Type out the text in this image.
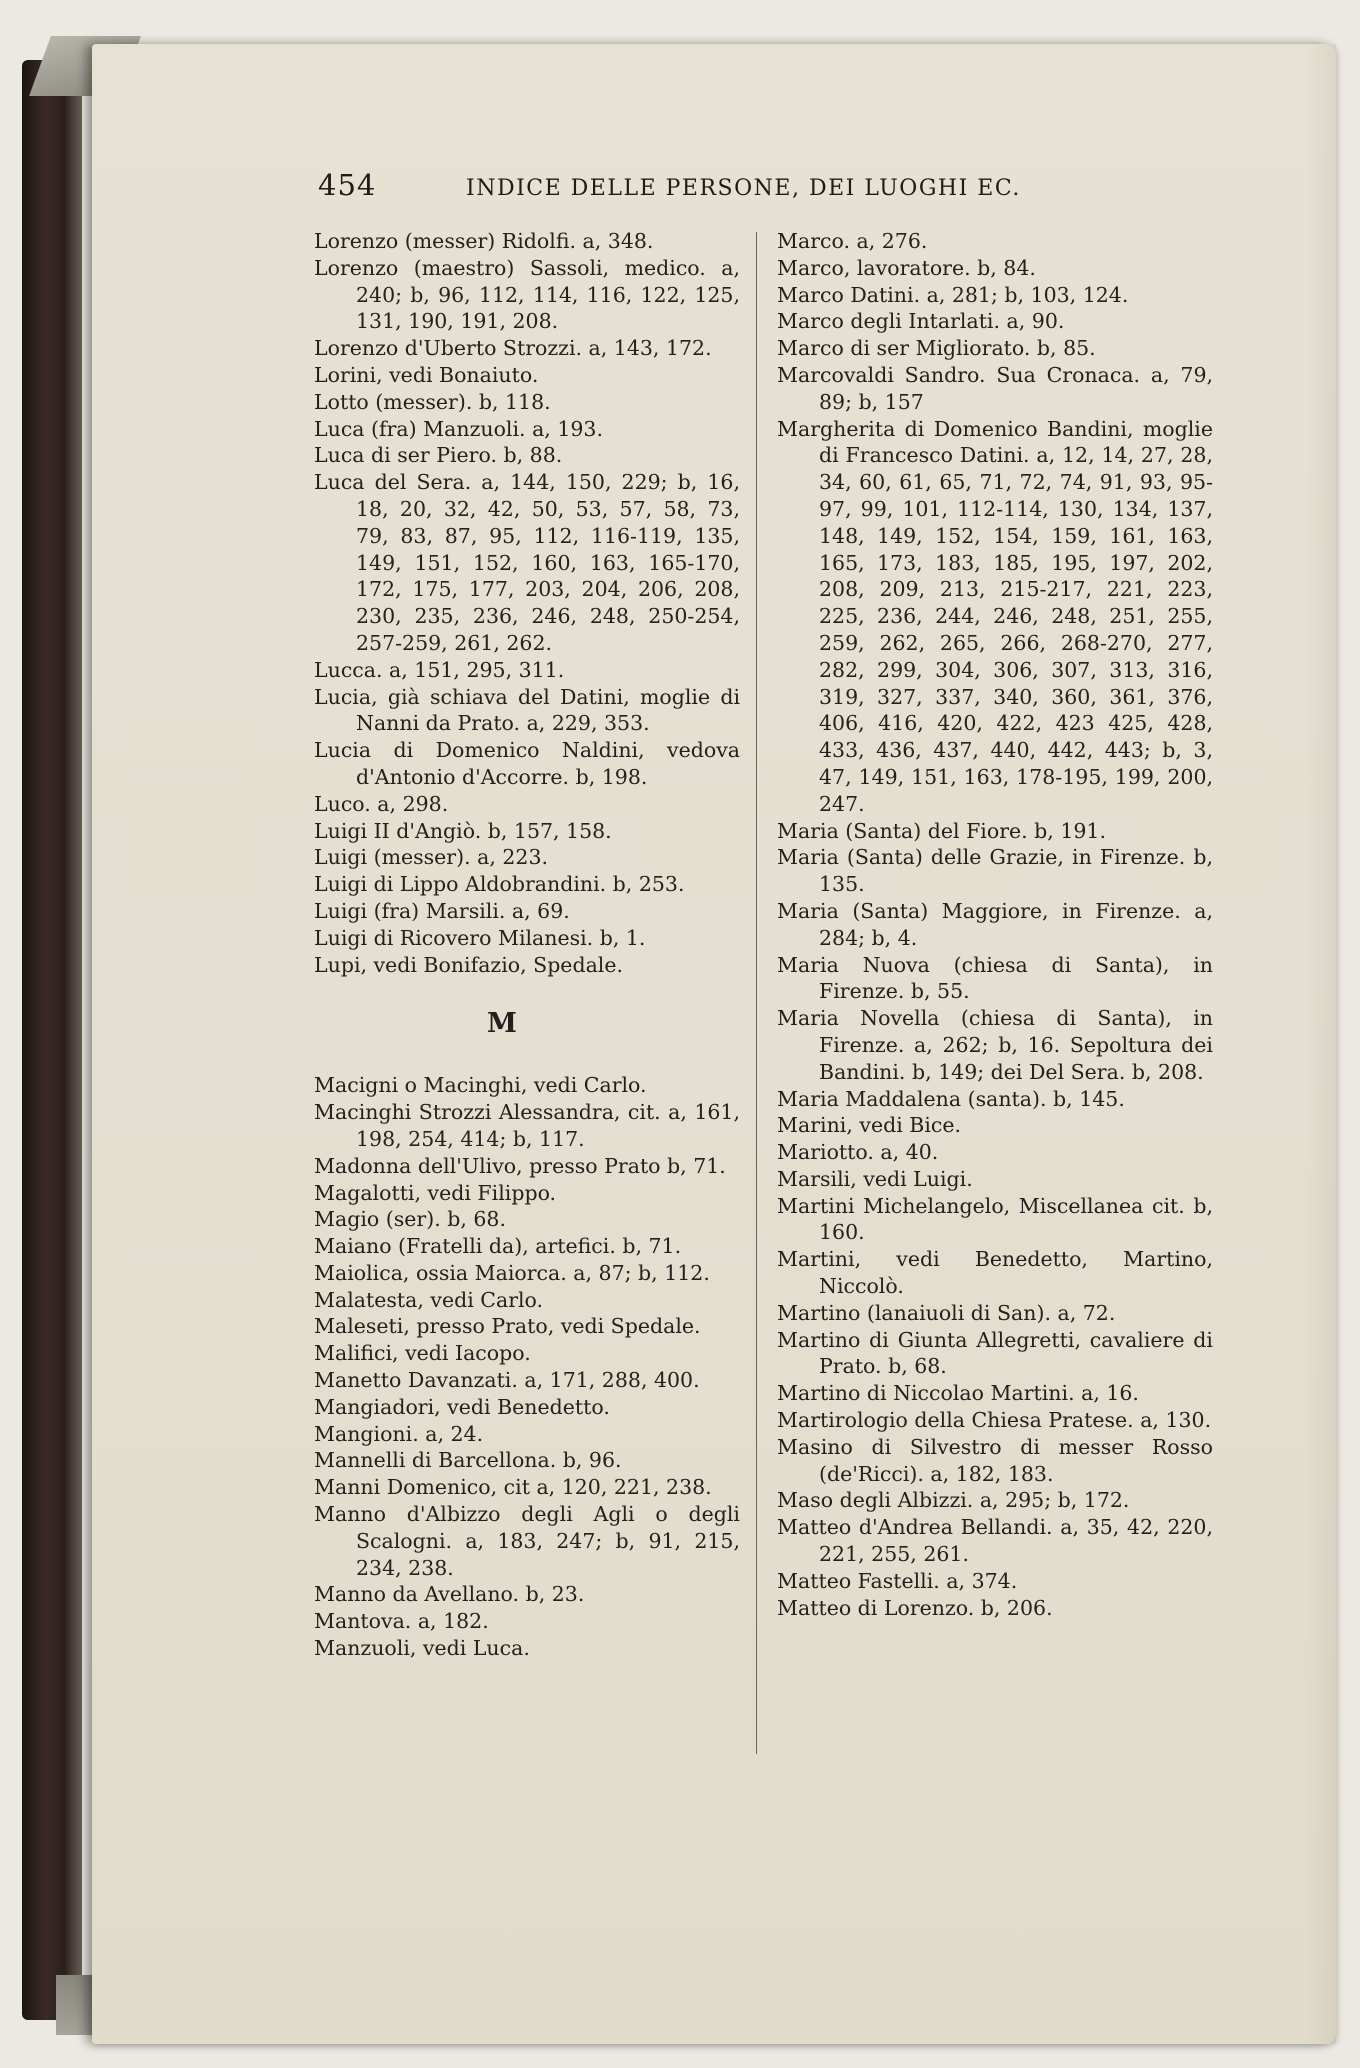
454	INDICE DELLE PERSONE, DEI LUOGHI EC.
Lorenzo (messer) Ridolfi. a, 348.
Lorenzo (maestro) Sassoli, medico. a, 240; b, 96, 112, 114, 116, 122, 125, 131, 190, 191, 208.
Lorenzo d'Uberto Strozzi. a, 143, 172.
Lorini, vedi Bonaiuto.
Lotto (messer). b, 118.
Luca (fra) Manzuoli. a, 193.
Luca di ser Piero. b, 88.
Luca del Sera. a, 144, 150, 229; b, 16, 18, 20, 32, 42, 50, 53, 57, 58, 73, 79, 83, 87, 95, 112, 116-119, 135, 149, 151, 152, 160, 163, 165-170, 172, 175, 177, 203, 204, 206, 208, 230, 235, 236, 246, 248, 250-254, 257-259, 261, 262.
Lucca. a, 151, 295, 311.
Lucia, già schiava del Datini, moglie di Nanni da Prato. a, 229, 353.
Lucia di Domenico Naldini, vedova d'Antonio d'Accorre. b, 198.
Luco. a, 298.
Luigi II d'Angiò. b, 157, 158.
Luigi (messer). a, 223.
Luigi di Lippo Aldobrandini. b, 253.
Luigi (fra) Marsili. a, 69.
Luigi di Ricovero Milanesi. b, 1.
Lupi, vedi Bonifazio, Spedale.
M
Macigni o Macinghi, vedi Carlo.
Macinghi Strozzi Alessandra, cit. a, 161, 198, 254, 414; b, 117.
Madonna dell'Ulivo, presso Prato b, 71.
Magalotti, vedi Filippo.
Magio (ser). b, 68.
Maiano (Fratelli da), artefici. b, 71.
Maiolica, ossia Maiorca. a, 87; b, 112.
Malatesta, vedi Carlo.
Maleseti, presso Prato, vedi Spedale.
Malifici, vedi Iacopo.
Manetto Davanzati. a, 171, 288, 400.
Mangiadori, vedi Benedetto.
Mangioni. a, 24.
Mannelli di Barcellona. b, 96.
Manni Domenico, cit a, 120, 221, 238.
Manno d'Albizzo degli Agli o degli Scalogni. a, 183, 247; b, 91, 215, 234, 238.
Manno da Avellano. b, 23.
Mantova. a, 182.
Manzuoli, vedi Luca.
Marco. a, 276.
Marco, lavoratore. b, 84.
Marco Datini. a, 281; b, 103, 124.
Marco degli Intarlati. a, 90.
Marco di ser Migliorato. b, 85.
Marcovaldi Sandro. Sua Cronaca. a, 79, 89; b, 157
Margherita di Domenico Bandini, moglie di Francesco Datini. a, 12, 14, 27, 28, 34, 60, 61, 65, 71, 72, 74, 91, 93, 95-97, 99, 101, 112-114, 130, 134, 137, 148, 149, 152, 154, 159, 161, 163, 165, 173, 183, 185, 195, 197, 202, 208, 209, 213, 215-217, 221, 223, 225, 236, 244, 246, 248, 251, 255, 259, 262, 265, 266, 268-270, 277, 282, 299, 304, 306, 307, 313, 316, 319, 327, 337, 340, 360, 361, 376, 406, 416, 420, 422, 423 425, 428, 433, 436, 437, 440, 442, 443; b, 3, 47, 149, 151, 163, 178-195, 199, 200, 247.
Maria (Santa) del Fiore. b, 191.
Maria (Santa) delle Grazie, in Firenze. b, 135.
Maria (Santa) Maggiore, in Firenze. a, 284; b, 4.
Maria Nuova (chiesa di Santa), in Firenze. b, 55.
Maria Novella (chiesa di Santa), in Firenze. a, 262; b, 16. Sepoltura dei Bandini. b, 149; dei Del Sera. b, 208.
Maria Maddalena (santa). b, 145.
Marini, vedi Bice.
Mariotto. a, 40.
Marsili, vedi Luigi.
Martini Michelangelo, Miscellanea cit. b, 160.
Martini, vedi Benedetto, Martino, Niccolò.
Martino (lanaiuoli di San). a, 72.
Martino di Giunta Allegretti, cavaliere di Prato. b, 68.
Martino di Niccolao Martini. a, 16.
Martirologio della Chiesa Pratese. a, 130.
Masino di Silvestro di messer Rosso (de'Ricci). a, 182, 183.
Maso degli Albizzi. a, 295; b, 172.
Matteo d'Andrea Bellandi. a, 35, 42, 220, 221, 255, 261.
Matteo Fastelli. a, 374.
Matteo di Lorenzo. b, 206.
